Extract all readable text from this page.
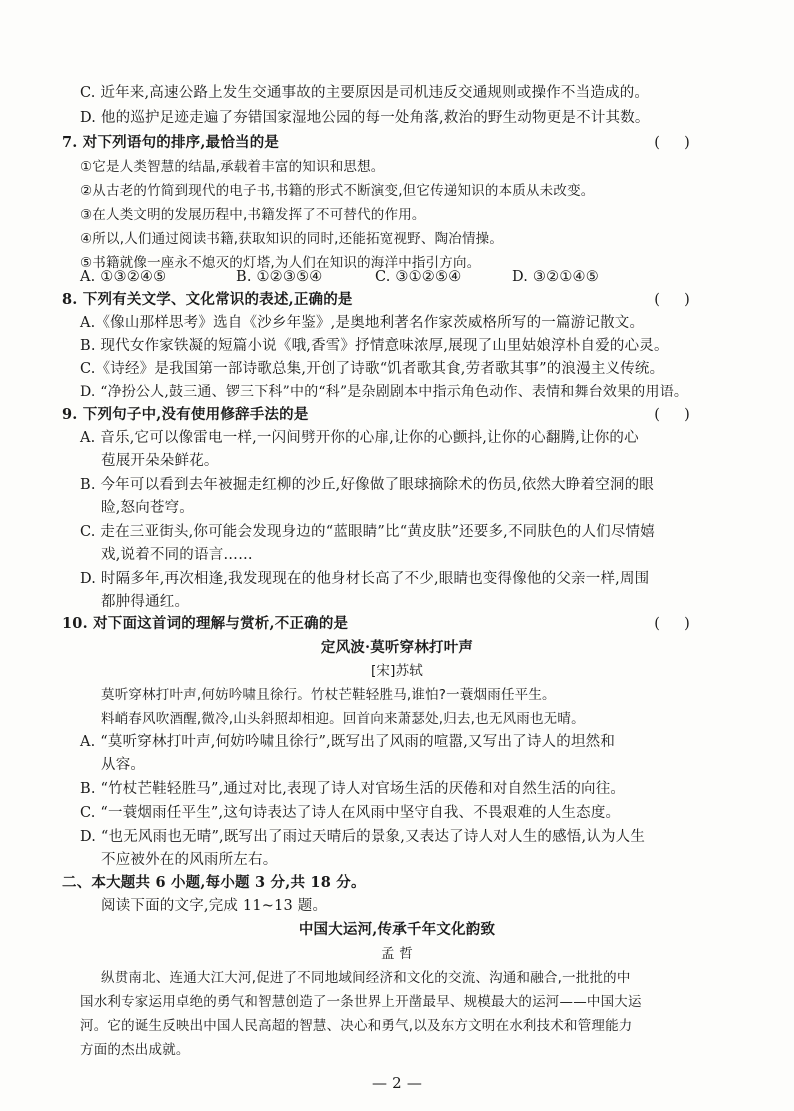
C. 近年来,高速公路上发生交通事故的主要原因是司机违反交通规则或操作不当造成的。
D. 他的巡护足迹走遍了夯错国家湿地公园的每一处角落,救治的野生动物更是不计其数。
7. 对下列语句的排序,最恰当的是	(     )
①它是人类智慧的结晶,承载着丰富的知识和思想。
②从古老的竹简到现代的电子书,书籍的形式不断演变,但它传递知识的本质从未改变。
③在人类文明的发展历程中,书籍发挥了不可替代的作用。
④所以,人们通过阅读书籍,获取知识的同时,还能拓宽视野、陶冶情操。
⑤书籍就像一座永不熄灭的灯塔,为人们在知识的海洋中指引方向。
A. ①③②④⑤	B. ①②③⑤④	C. ③①②⑤④	D. ③②①④⑤
8. 下列有关文学、文化常识的表述,正确的是	(     )
A.《像山那样思考》选自《沙乡年鉴》,是奥地利著名作家茨威格所写的一篇游记散文。
B. 现代女作家铁凝的短篇小说《哦,香雪》抒情意味浓厚,展现了山里姑娘淳朴自爱的心灵。
C.《诗经》是我国第一部诗歌总集,开创了诗歌“饥者歌其食,劳者歌其事”的浪漫主义传统。
D. “净扮公人,鼓三通、锣三下科”中的“科”是杂剧剧本中指示角色动作、表情和舞台效果的用语。
9. 下列句子中,没有使用修辞手法的是	(     )
A. 音乐,它可以像雷电一样,一闪间劈开你的心扉,让你的心颤抖,让你的心翻腾,让你的心
苞展开朵朵鲜花。
B. 今年可以看到去年被掘走红柳的沙丘,好像做了眼球摘除术的伤员,依然大睁着空洞的眼
睑,怒向苍穹。
C. 走在三亚街头,你可能会发现身边的“蓝眼睛”比“黄皮肤”还要多,不同肤色的人们尽情嬉
戏,说着不同的语言……
D. 时隔多年,再次相逢,我发现现在的他身材长高了不少,眼睛也变得像他的父亲一样,周围
都肿得通红。
10. 对下面这首词的理解与赏析,不正确的是	(     )
定风波·莫听穿林打叶声
[宋]苏轼
莫听穿林打叶声,何妨吟啸且徐行。竹杖芒鞋轻胜马,谁怕?一蓑烟雨任平生。
料峭春风吹酒醒,微冷,山头斜照却相迎。回首向来萧瑟处,归去,也无风雨也无晴。
A. “莫听穿林打叶声,何妨吟啸且徐行”,既写出了风雨的喧嚣,又写出了诗人的坦然和
从容。
B. “竹杖芒鞋轻胜马”,通过对比,表现了诗人对官场生活的厌倦和对自然生活的向往。
C. “一蓑烟雨任平生”,这句诗表达了诗人在风雨中坚守自我、不畏艰难的人生态度。
D. “也无风雨也无晴”,既写出了雨过天晴后的景象,又表达了诗人对人生的感悟,认为人生
不应被外在的风雨所左右。
二、本大题共 6 小题,每小题 3 分,共 18 分。
阅读下面的文字,完成 11~13 题。
中国大运河,传承千年文化韵致
孟 哲
纵贯南北、连通大江大河,促进了不同地域间经济和文化的交流、沟通和融合,一批批的中
国水利专家运用卓绝的勇气和智慧创造了一条世界上开凿最早、规模最大的运河——中国大运
河。它的诞生反映出中国人民高超的智慧、决心和勇气,以及东方文明在水利技术和管理能力
方面的杰出成就。
— 2 —
